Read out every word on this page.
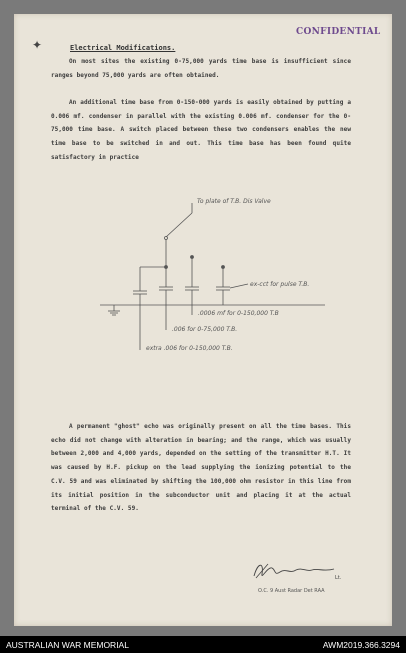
CONFIDENTIAL
✦	Electrical Modifications.

On most sites the existing 0-75,000 yards time base is insufficient since ranges beyond 75,000 yards are often obtained.

An additional time base from 0-150-000 yards is easily obtained by putting a 0.006 mf. condenser in parallel with the existing 0.006 mf. condenser for the 0-75,000 time base. A switch placed between these two condensers enables the new time base to be switched in and out. This time base has been found quite satisfactory in practice

To plate of T.B. Dis Valve
ex-cct for pulse T.B.
.0006 mf for 0-150,000 T.B
.006 for 0-75,000 T.B.
extra .006 for 0-150,000 T.B.

A permanent "ghost" echo was originally present on all the time bases. This echo did not change with alteration in bearing; and the range, which was usually between 2,000 and 4,000 yards, depended on the setting of the transmitter H.T. It was caused by H.F. pickup on the lead supplying the ionizing potential to the C.V. 59 and was eliminated by shifting the 100,000 ohm resistor in this line from its initial position in the subconductor unit and placing it at the actual terminal of the C.V. 59.

Lt.
O.C. 9 Aust Radar Det RAA
AUSTRALIAN WAR MEMORIAL	AWM2019.366.3294
